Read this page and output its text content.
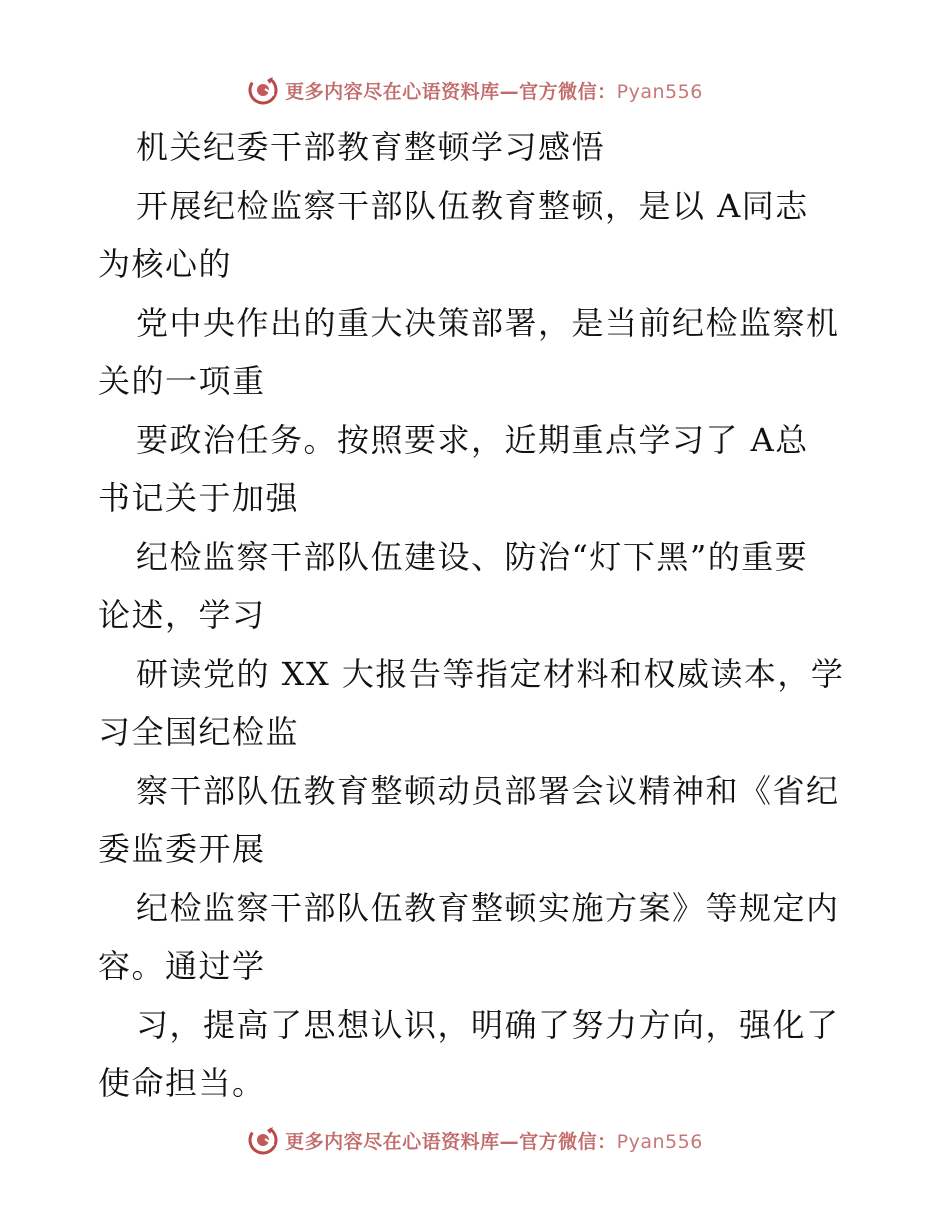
更多内容尽在心语资料库—官方微信：Pyan556
机关纪委干部教育整顿学习感悟
开展纪检监察干部队伍教育整顿，是以 A同志
为核心的
党中央作出的重大决策部署，是当前纪检监察机
关的一项重
要政治任务。按照要求，近期重点学习了 A总
书记关于加强
纪检监察干部队伍建设、防治“灯下黑”的重要
论述，学习
研读党的 XX 大报告等指定材料和权威读本，学
习全国纪检监
察干部队伍教育整顿动员部署会议精神和《省纪
委监委开展
纪检监察干部队伍教育整顿实施方案》等规定内
容。通过学
习，提高了思想认识，明确了努力方向，强化了
使命担当。
更多内容尽在心语资料库—官方微信：Pyan556
